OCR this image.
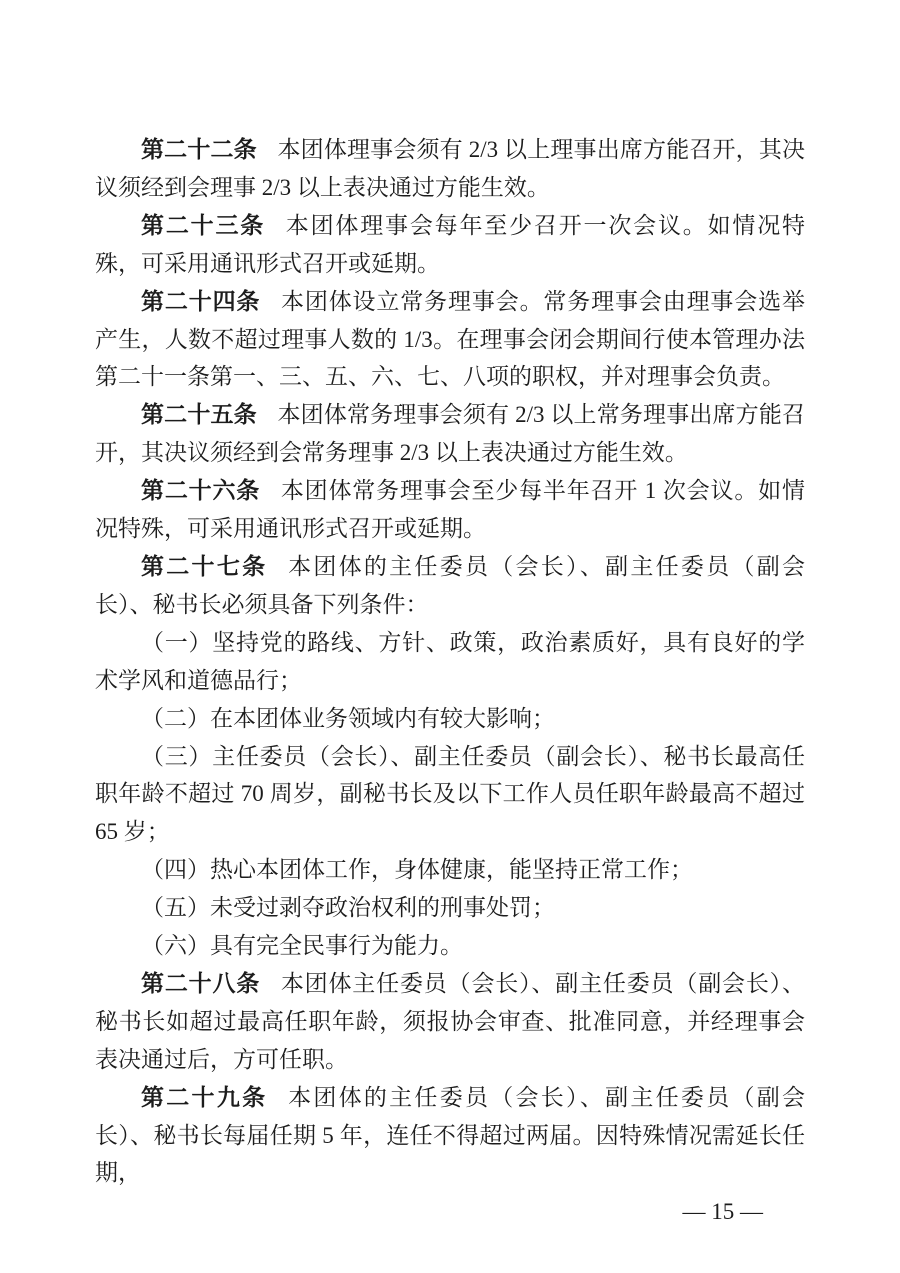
第二十二条 本团体理事会须有 2/3 以上理事出席方能召开，其决议须经到会理事 2/3 以上表决通过方能生效。

第二十三条 本团体理事会每年至少召开一次会议。如情况特殊，可采用通讯形式召开或延期。

第二十四条 本团体设立常务理事会。常务理事会由理事会选举产生，人数不超过理事人数的 1/3。在理事会闭会期间行使本管理办法第二十一条第一、三、五、六、七、八项的职权，并对理事会负责。

第二十五条 本团体常务理事会须有 2/3 以上常务理事出席方能召开，其决议须经到会常务理事 2/3 以上表决通过方能生效。

第二十六条 本团体常务理事会至少每半年召开 1 次会议。如情况特殊，可采用通讯形式召开或延期。

第二十七条 本团体的主任委员（会长）、副主任委员（副会长）、秘书长必须具备下列条件：

（一）坚持党的路线、方针、政策，政治素质好，具有良好的学术学风和道德品行；

（二）在本团体业务领域内有较大影响；

（三）主任委员（会长）、副主任委员（副会长）、秘书长最高任职年龄不超过 70 周岁，副秘书长及以下工作人员任职年龄最高不超过 65 岁；

（四）热心本团体工作，身体健康，能坚持正常工作；

（五）未受过剥夺政治权利的刑事处罚；

（六）具有完全民事行为能力。

第二十八条 本团体主任委员（会长）、副主任委员（副会长）、秘书长如超过最高任职年龄，须报协会审查、批准同意，并经理事会表决通过后，方可任职。

第二十九条 本团体的主任委员（会长）、副主任委员（副会长）、秘书长每届任期 5 年，连任不得超过两届。因特殊情况需延长任期，

— 15 —
